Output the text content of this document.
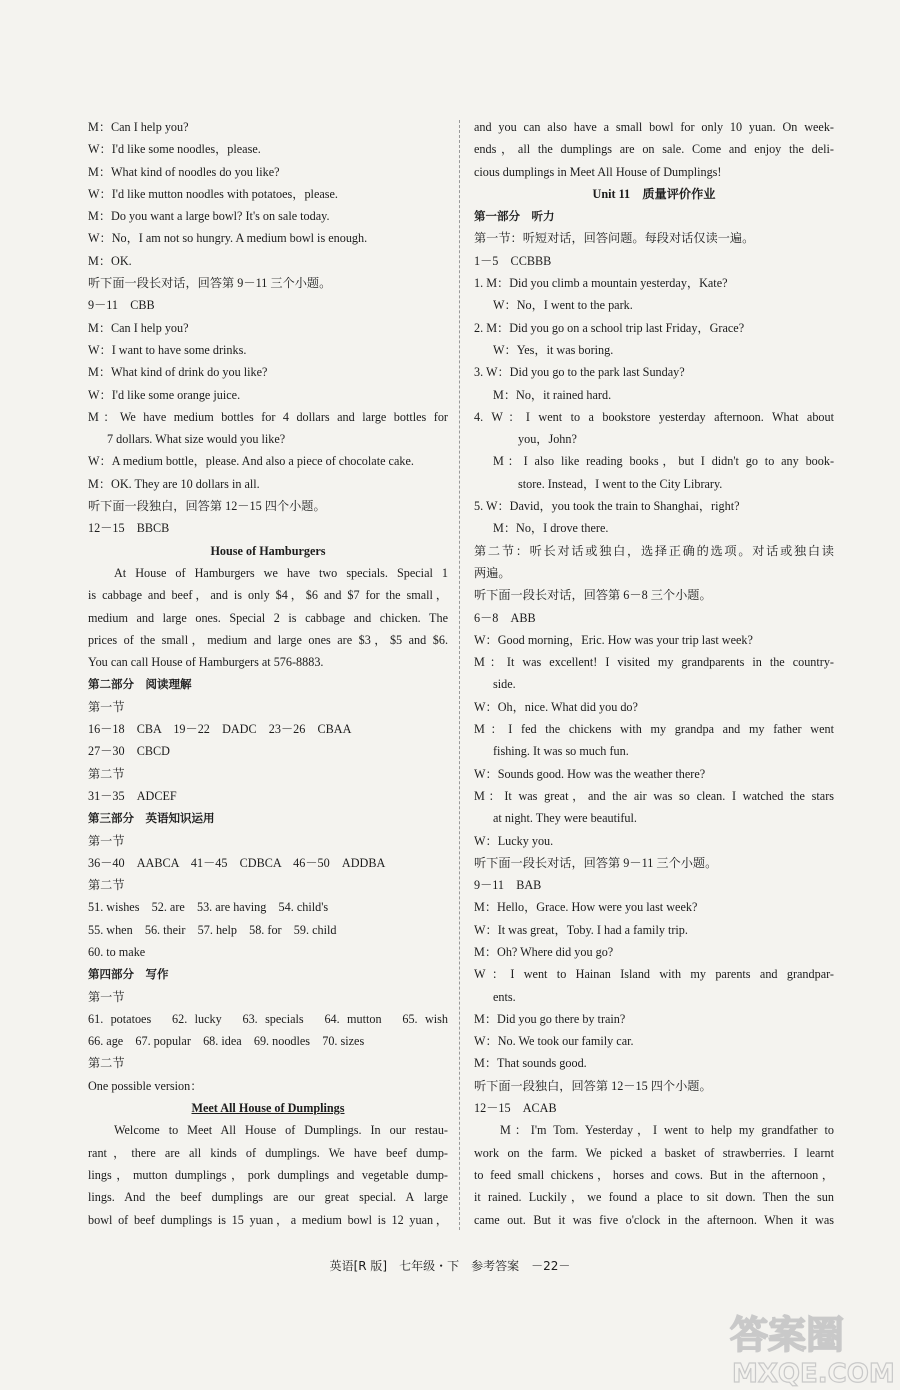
M：Can I help you?
W：I'd like some noodles，please.
M：What kind of noodles do you like?
W：I'd like mutton noodles with potatoes，please.
M：Do you want a large bowl? It's on sale today.
W：No，I am not so hungry. A medium bowl is enough.
M：OK.
听下面一段长对话，回答第 9－11 三个小题。
9－11　CBB
M：Can I help you?
W：I want to have some drinks.
M：What kind of drink do you like?
W：I'd like some orange juice.
M：We have medium bottles for 4 dollars and large bottles for
7 dollars. What size would you like?
W：A medium bottle，please. And also a piece of chocolate cake.
M：OK. They are 10 dollars in all.
听下面一段独白，回答第 12－15 四个小题。
12－15　BBCB
House of Hamburgers
At House of Hamburgers we have two specials. Special 1
is cabbage and beef，and is only $4，$6 and $7 for the small，
medium and large ones. Special 2 is cabbage and chicken. The
prices of the small，medium and large ones are $3，$5 and $6.
You can call House of Hamburgers at 576-8883.
第二部分　阅读理解
第一节
16－18　CBA　19－22　DADC　23－26　CBAA
27－30　CBCD
第二节
31－35　ADCEF
第三部分　英语知识运用
第一节
36－40　AABCA　41－45　CDBCA　46－50　ADDBA
第二节
51. wishes　52. are　53. are having　54. child's
55. when　56. their　57. help　58. for　59. child
60. to make
第四部分　写作
第一节
61. potatoes　62. lucky　63. specials　64. mutton　65. wish
66. age　67. popular　68. idea　69. noodles　70. sizes
第二节
One possible version：
Meet All House of Dumplings
Welcome to Meet All House of Dumplings. In our restau-
rant，there are all kinds of dumplings. We have beef dump-
lings，mutton dumplings，pork dumplings and vegetable dump-
lings. And the beef dumplings are our great special. A large
bowl of beef dumplings is 15 yuan，a medium bowl is 12 yuan，
and you can also have a small bowl for only 10 yuan. On week-
ends，all the dumplings are on sale. Come and enjoy the deli-
cious dumplings in Meet All House of Dumplings!
Unit 11　质量评价作业
第一部分　听力
第一节：听短对话，回答问题。每段对话仅读一遍。
1－5　CCBBB
1. M：Did you climb a mountain yesterday，Kate?
W：No，I went to the park.
2. M：Did you go on a school trip last Friday，Grace?
W：Yes，it was boring.
3. W：Did you go to the park last Sunday?
M：No，it rained hard.
4. W：I went to a bookstore yesterday afternoon. What about
you，John?
M：I also like reading books，but I didn't go to any book-
store. Instead，I went to the City Library.
5. W：David，you took the train to Shanghai，right?
M：No，I drove there.
第二节：听长对话或独白，选择正确的选项。对话或独白读
两遍。
听下面一段长对话，回答第 6－8 三个小题。
6－8　ABB
W：Good morning，Eric. How was your trip last week?
M：It was excellent! I visited my grandparents in the country-
side.
W：Oh，nice. What did you do?
M：I fed the chickens with my grandpa and my father went
fishing. It was so much fun.
W：Sounds good. How was the weather there?
M：It was great，and the air was so clean. I watched the stars
at night. They were beautiful.
W：Lucky you.
听下面一段长对话，回答第 9－11 三个小题。
9－11　BAB
M：Hello，Grace. How were you last week?
W：It was great，Toby. I had a family trip.
M：Oh? Where did you go?
W：I went to Hainan Island with my parents and grandpar-
ents.
M：Did you go there by train?
W：No. We took our family car.
M：That sounds good.
听下面一段独白，回答第 12－15 四个小题。
12－15　ACAB
M：I'm Tom. Yesterday，I went to help my grandfather to
work on the farm. We picked a basket of strawberries. I learnt
to feed small chickens，horses and cows. But in the afternoon，
it rained. Luckily，we found a place to sit down. Then the sun
came out. But it was five o'clock in the afternoon. When it was
英语[R 版]　七年级・下　参考答案　－22－
答案圈
MXQE.COM
